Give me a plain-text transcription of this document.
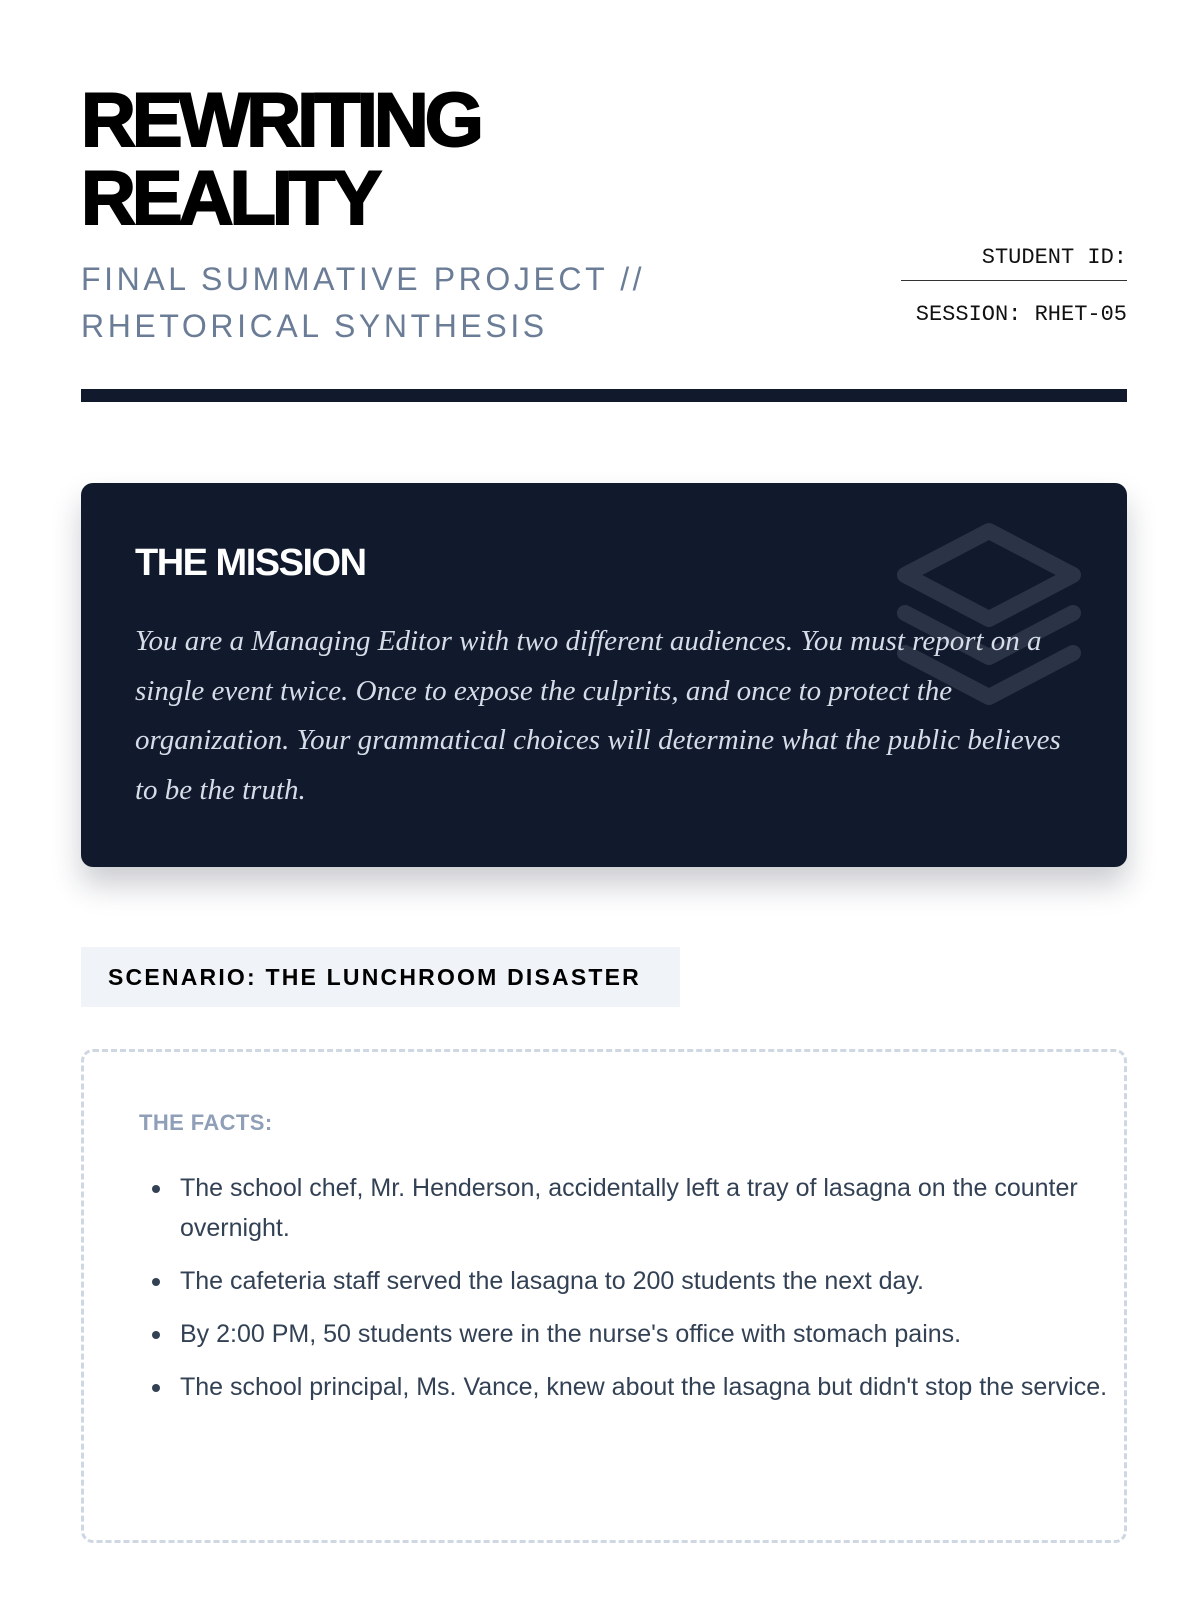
REWRITING
REALITY
FINAL SUMMATIVE PROJECT //
RHETORICAL SYNTHESIS
STUDENT ID:
SESSION: RHET-05
THE MISSION

You are a Managing Editor with two different audiences. You must report on a single event twice. Once to expose the culprits, and once to protect the organization. Your grammatical choices will determine what the public believes to be the truth.

SCENARIO: THE LUNCHROOM DISASTER
THE FACTS:
The school chef, Mr. Henderson, accidentally left a tray of lasagna on the counter overnight.
The cafeteria staff served the lasagna to 200 students the next day.
By 2:00 PM, 50 students were in the nurse's office with stomach pains.
The school principal, Ms. Vance, knew about the lasagna but didn't stop the service.
